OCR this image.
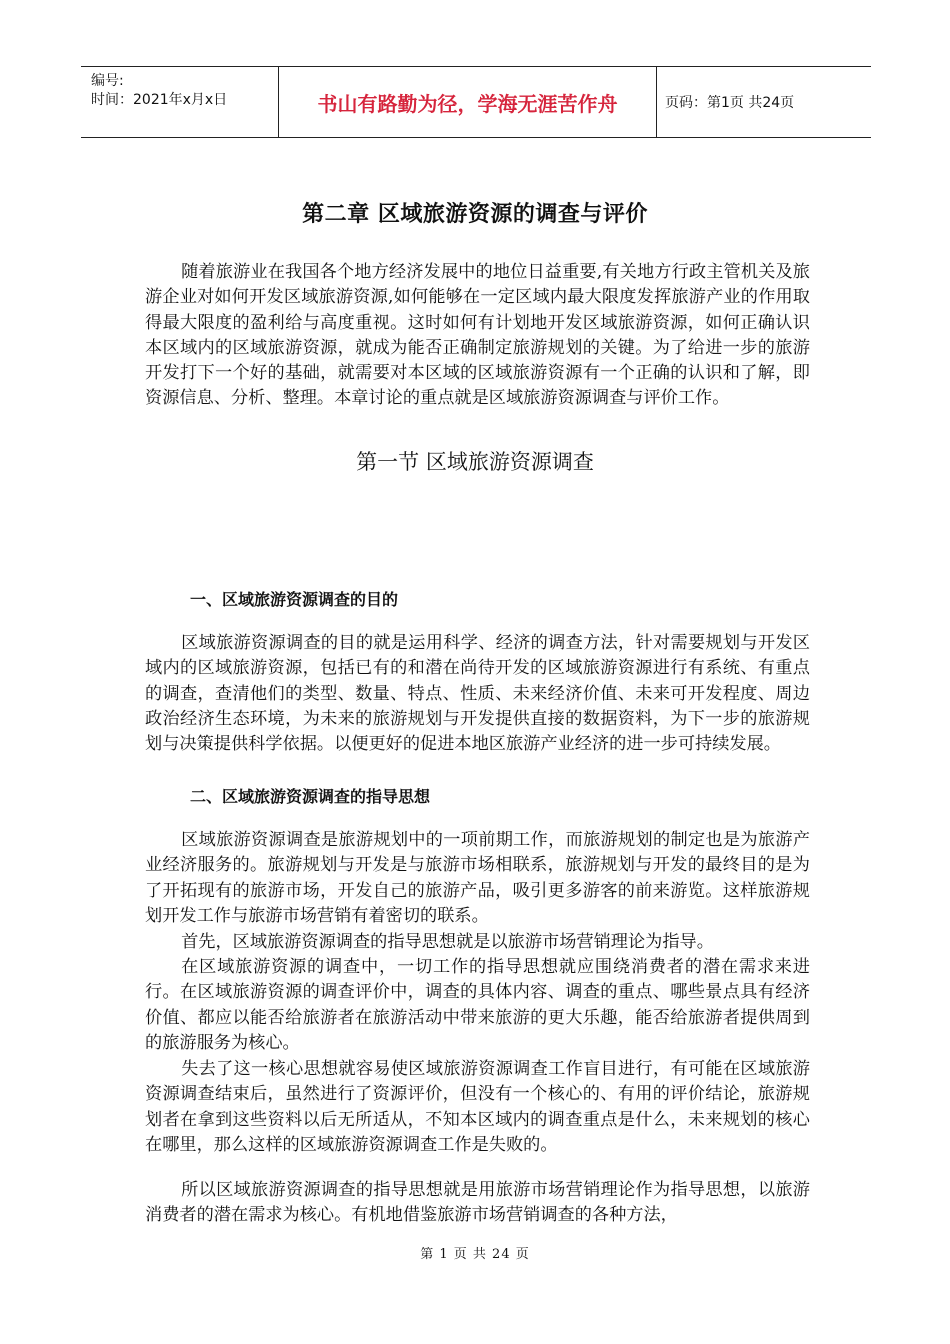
编号:
时间：2021年x月x日	书山有路勤为径，学海无涯苦作舟	页码：第1页 共24页
第二章 区域旅游资源的调查与评价

随着旅游业在我国各个地方经济发展中的地位日益重要,有关地方行政主管机关及旅游企业对如何开发区域旅游资源,如何能够在一定区域内最大限度发挥旅游产业的作用取得最大限度的盈利给与高度重视。这时如何有计划地开发区域旅游资源，如何正确认识本区域内的区域旅游资源，就成为能否正确制定旅游规划的关键。为了给进一步的旅游开发打下一个好的基础，就需要对本区域的区域旅游资源有一个正确的认识和了解，即资源信息、分析、整理。本章讨论的重点就是区域旅游资源调查与评价工作。

第一节 区域旅游资源调查
一、区域旅游资源调查的目的

区域旅游资源调查的目的就是运用科学、经济的调查方法，针对需要规划与开发区域内的区域旅游资源，包括已有的和潜在尚待开发的区域旅游资源进行有系统、有重点的调查，查清他们的类型、数量、特点、性质、未来经济价值、未来可开发程度、周边政治经济生态环境，为未来的旅游规划与开发提供直接的数据资料，为下一步的旅游规划与决策提供科学依据。以便更好的促进本地区旅游产业经济的进一步可持续发展。

二、区域旅游资源调查的指导思想

区域旅游资源调查是旅游规划中的一项前期工作，而旅游规划的制定也是为旅游产业经济服务的。旅游规划与开发是与旅游市场相联系，旅游规划与开发的最终目的是为了开拓现有的旅游市场，开发自己的旅游产品，吸引更多游客的前来游览。这样旅游规划开发工作与旅游市场营销有着密切的联系。

首先，区域旅游资源调查的指导思想就是以旅游市场营销理论为指导。

在区域旅游资源的调查中，一切工作的指导思想就应围绕消费者的潜在需求来进行。在区域旅游资源的调查评价中，调查的具体内容、调查的重点、哪些景点具有经济价值、都应以能否给旅游者在旅游活动中带来旅游的更大乐趣，能否给旅游者提供周到的旅游服务为核心。

失去了这一核心思想就容易使区域旅游资源调查工作盲目进行，有可能在区域旅游资源调查结束后，虽然进行了资源评价，但没有一个核心的、有用的评价结论，旅游规划者在拿到这些资料以后无所适从，不知本区域内的调查重点是什么，未来规划的核心在哪里，那么这样的区域旅游资源调查工作是失败的。

所以区域旅游资源调查的指导思想就是用旅游市场营销理论作为指导思想，以旅游消费者的潜在需求为核心。有机地借鉴旅游市场营销调查的各种方法，

第 1 页 共 24 页
